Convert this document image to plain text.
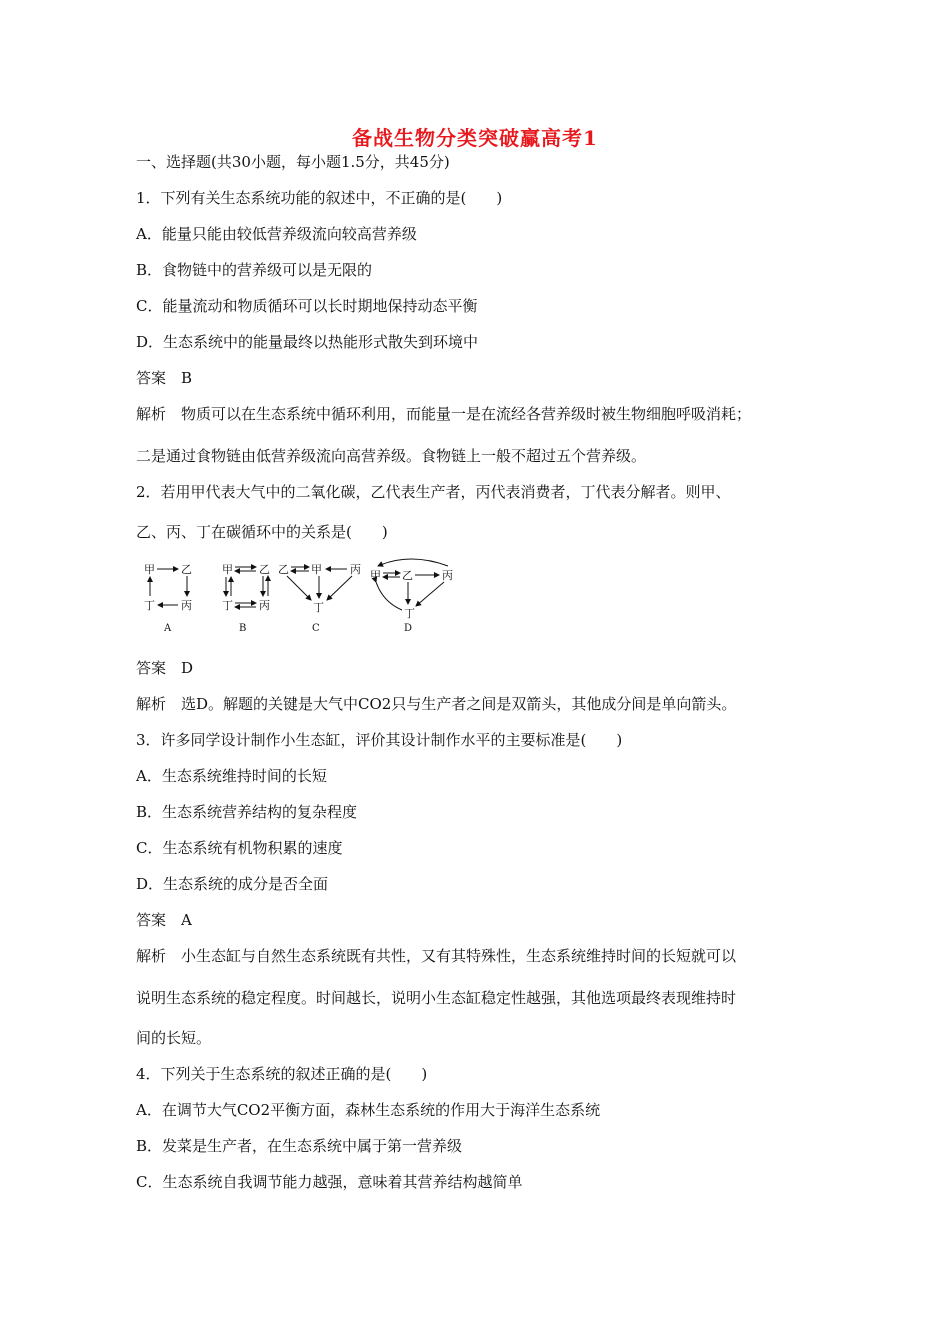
备战生物分类突破赢高考1
一、选择题(共30小题，每小题1.5分，共45分)
1．下列有关生态系统功能的叙述中，不正确的是(　　)
A．能量只能由较低营养级流向较高营养级
B．食物链中的营养级可以是无限的
C．能量流动和物质循环可以长时期地保持动态平衡
D．生态系统中的能量最终以热能形式散失到环境中
答案　B
解析　物质可以在生态系统中循环利用，而能量一是在流经各营养级时被生物细胞呼吸消耗；
二是通过食物链由低营养级流向高营养级。食物链上一般不超过五个营养级。
2．若用甲代表大气中的二氧化碳，乙代表生产者，丙代表消费者，丁代表分解者。则甲、
乙、丙、丁在碳循环中的关系是(　　)
甲 乙
丁 丙
A
甲 乙
丁 丙
B
乙 甲	丙
丁
C
甲 乙	丙
丁
D
答案　D
解析　选D。解题的关键是大气中CO2只与生产者之间是双箭头，其他成分间是单向箭头。
3．许多同学设计制作小生态缸，评价其设计制作水平的主要标准是(　　)
A．生态系统维持时间的长短
B．生态系统营养结构的复杂程度
C．生态系统有机物积累的速度
D．生态系统的成分是否全面
答案　A
解析　小生态缸与自然生态系统既有共性，又有其特殊性，生态系统维持时间的长短就可以
说明生态系统的稳定程度。时间越长，说明小生态缸稳定性越强，其他选项最终表现维持时
间的长短。
4．下列关于生态系统的叙述正确的是(　　)
A．在调节大气CO2平衡方面，森林生态系统的作用大于海洋生态系统
B．发菜是生产者，在生态系统中属于第一营养级
C．生态系统自我调节能力越强，意味着其营养结构越简单
